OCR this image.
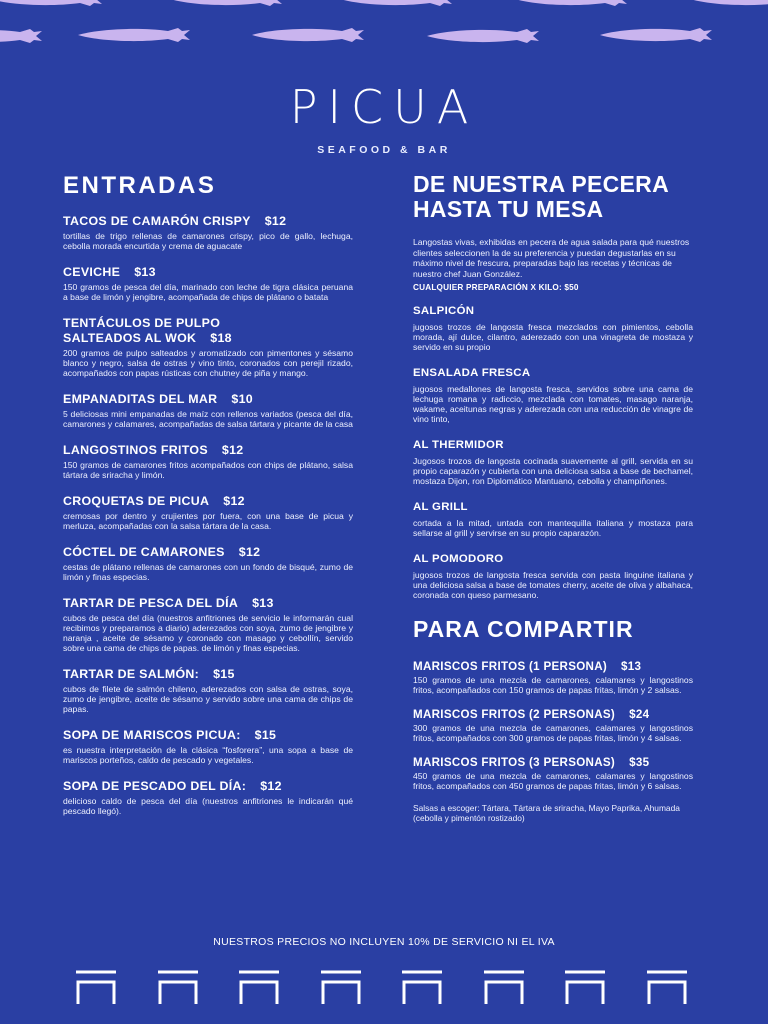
PICUA
SEAFOOD & BAR
ENTRADAS
TACOS DE CAMARÓN CRISPY $12
tortillas de trigo rellenas de camarones crispy, pico de gallo, lechuga, cebolla morada encurtida y crema de aguacate
CEVICHE $13
150 gramos de pesca del día, marinado con leche de tigra clásica peruana a base de limón y jengibre, acompañada de chips de plátano o batata
TENTÁCULOS DE PULPO SALTEADOS AL WOK $18
200 gramos de pulpo salteados y aromatizado con pimentones y sésamo blanco y negro, salsa de ostras y vino tinto, coronados con perejil rizado, acompañados con papas rústicas con chutney de piña y mango.
EMPANADITAS DEL MAR $10
5 deliciosas mini empanadas de maíz con rellenos variados (pesca del día, camarones y calamares, acompañadas de salsa tártara y picante de la casa
LANGOSTINOS FRITOS $12
150 gramos de camarones fritos acompañados con chips de plátano, salsa tártara de sriracha y limón.
CROQUETAS DE PICUA $12
cremosas por dentro y crujientes por fuera, con una base de picua y merluza, acompañadas con la salsa tártara de la casa.
CÓCTEL DE CAMARONES $12
cestas de plátano rellenas de camarones con un fondo de bisqué, zumo de limón y finas especias.
TARTAR DE PESCA DEL DÍA $13
cubos de pesca del día (nuestros anfitriones de servicio le informarán cual recibimos y preparamos a diario) aderezados con soya, zumo de jengibre y naranja , aceite de sésamo y coronado con masago y cebollín, servido sobre una cama de chips de papas. de limón y finas especias.
TARTAR DE SALMÓN: $15
cubos de filete de salmón chileno, aderezados con salsa de ostras, soya, zumo de jengibre, aceite de sésamo y servido sobre una cama de chips de papas.
SOPA DE MARISCOS PICUA: $15
es nuestra interpretación de la clásica “fosforera”, una sopa a base de mariscos porteños, caldo de pescado y vegetales.
SOPA DE PESCADO DEL DÍA: $12
delicioso caldo de pesca del día (nuestros anfitriones le indicarán qué pescado llegó).
DE NUESTRA PECERA HASTA TU MESA

Langostas vivas, exhibidas en pecera de agua salada para qué nuestros clientes seleccionen la de su preferencia y puedan degustarlas en su máximo nivel de frescura, preparadas bajo las recetas y técnicas de nuestro chef Juan González.

CUALQUIER PREPARACIÓN X KILO: $50

SALPICÓN
jugosos trozos de langosta fresca mezclados con pimientos, cebolla morada, ají dulce, cilantro, aderezado con una vinagreta de mostaza y servido en su propio
ENSALADA FRESCA
jugosos medallones de langosta fresca, servidos sobre una cama de lechuga romana y radiccio, mezclada con tomates, masago naranja, wakame, aceitunas negras y aderezada con una reducción de vinagre de vino tinto,
AL THERMIDOR
Jugosos trozos de langosta cocinada suavemente al grill, servida en su propio caparazón y cubierta con una deliciosa salsa a base de bechamel, mostaza Dijon, ron Diplomático Mantuano, cebolla y champiñones.
AL GRILL
cortada a la mitad, untada con mantequilla italiana y mostaza para sellarse al grill y servirse en su propio caparazón.
AL POMODORO
jugosos trozos de langosta fresca servida con pasta linguine italiana y una deliciosa salsa a base de tomates cherry, aceite de oliva y albahaca, coronada con queso parmesano.
PARA COMPARTIR
MARISCOS FRITOS (1 PERSONA) $13
150 gramos de una mezcla de camarones, calamares y langostinos fritos, acompañados con 150 gramos de papas fritas, limón y 2 salsas.
MARISCOS FRITOS (2 PERSONAS) $24
300 gramos de una mezcla de camarones, calamares y langostinos fritos, acompañados con 300 gramos de papas fritas, limón y 4 salsas.
MARISCOS FRITOS (3 PERSONAS) $35
450 gramos de una mezcla de camarones, calamares y langostinos fritos, acompañados con 450 gramos de papas fritas, limón y 6 salsas.

Salsas a escoger: Tártara, Tártara de sriracha, Mayo Paprika, Ahumada (cebolla y pimentón rostizado)

NUESTROS PRECIOS NO INCLUYEN 10% DE SERVICIO NI EL IVA
